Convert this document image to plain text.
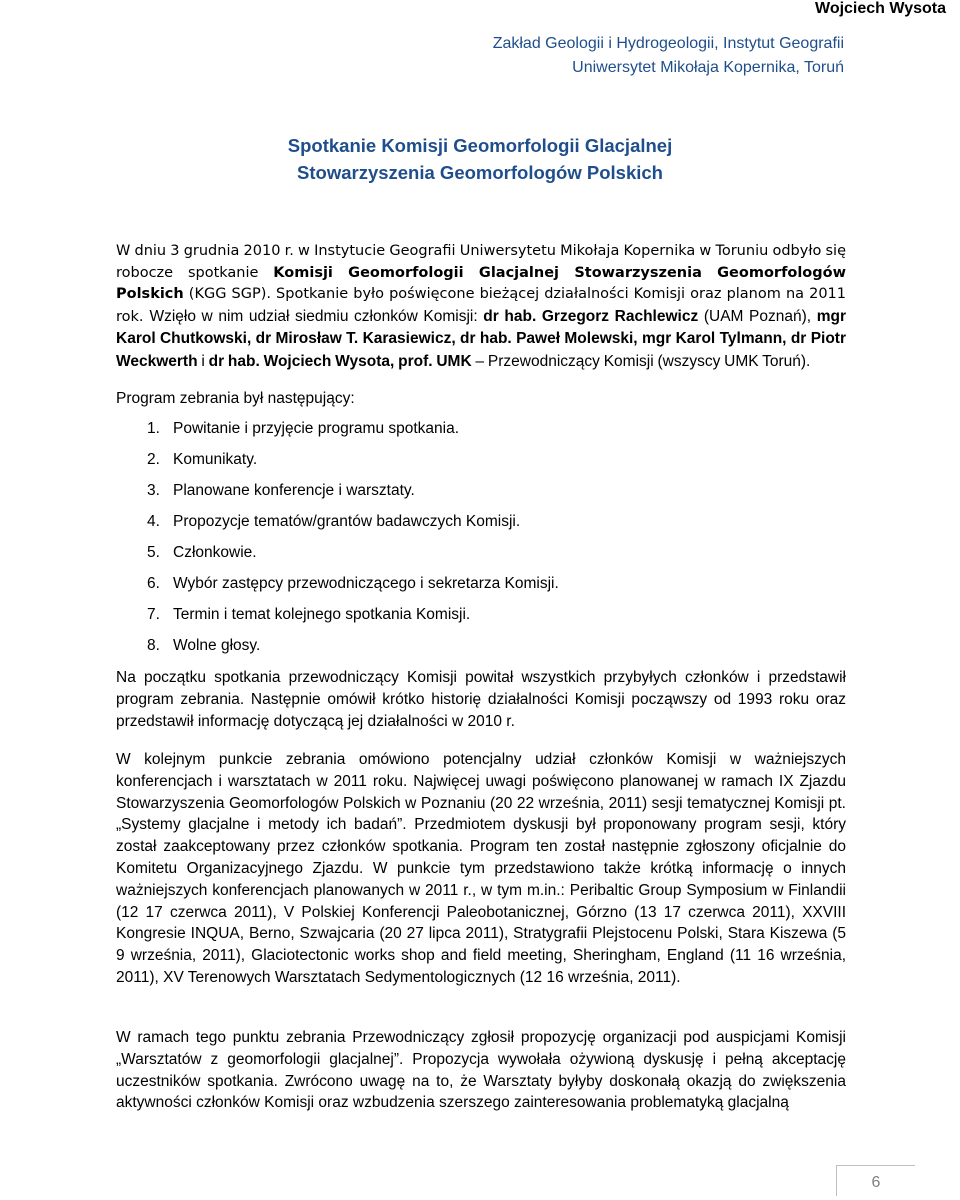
Wojciech Wysota
Zakład Geologii i Hydrogeologii, Instytut Geografii
Uniwersytet Mikołaja Kopernika, Toruń
Spotkanie Komisji Geomorfologii Glacjalnej
Stowarzyszenia Geomorfologów Polskich
W dniu 3 grudnia 2010 r. w Instytucie Geografii Uniwersytetu Mikołaja Kopernika w Toruniu odbyło się robocze spotkanie Komisji Geomorfologii Glacjalnej Stowarzyszenia Geomorfologów Polskich (KGG SGP). Spotkanie było poświęcone bieżącej działalności Komisji oraz planom na 2011 rok. Wzięło w nim udział siedmiu członków Komisji: dr hab. Grzegorz Rachlewicz (UAM Poznań), mgr Karol Chutkowski, dr Mirosław T. Karasiewicz, dr hab. Paweł Molewski, mgr Karol Tylmann, dr Piotr Weckwerth i dr hab. Wojciech Wysota, prof. UMK – Przewodniczący Komisji (wszyscy UMK Toruń).
Program zebrania był następujący:
1. Powitanie i przyjęcie programu spotkania.
2. Komunikaty.
3. Planowane konferencje i warsztaty.
4. Propozycje tematów/grantów badawczych Komisji.
5. Członkowie.
6. Wybór zastępcy przewodniczącego i sekretarza Komisji.
7. Termin i temat kolejnego spotkania Komisji.
8. Wolne głosy.
Na początku spotkania przewodniczący Komisji powitał wszystkich przybyłych członków i przedstawił program zebrania. Następnie omówił krótko historię działalności Komisji począwszy od 1993 roku oraz przedstawił informację dotyczącą jej działalności w 2010 r.
W kolejnym punkcie zebrania omówiono potencjalny udział członków Komisji w ważniejszych konferencjach i warsztatach w 2011 roku. Najwięcej uwagi poświęcono planowanej w ramach IX Zjazdu Stowarzyszenia Geomorfologów Polskich w Poznaniu (20 22 września, 2011) sesji tematycznej Komisji pt. „Systemy glacjalne i metody ich badań”. Przedmiotem dyskusji był proponowany program sesji, który został zaakceptowany przez członków spotkania. Program ten został następnie zgłoszony oficjalnie do Komitetu Organizacyjnego Zjazdu. W punkcie tym przedstawiono także krótką informację o innych ważniejszych konferencjach planowanych w 2011 r., w tym m.in.: Peribaltic Group Symposium w Finlandii (12 17 czerwca 2011), V Polskiej Konferencji Paleobotanicznej, Górzno (13 17 czerwca 2011), XXVIII Kongresie INQUA, Berno, Szwajcaria (20 27 lipca 2011), Stratygrafii Plejstocenu Polski, Stara Kiszewa (5 9 września, 2011), Glaciotectonic works shop and field meeting, Sheringham, England (11 16 września, 2011), XV Terenowych Warsztatach Sedymentologicznych (12 16 września, 2011).
W ramach tego punktu zebrania Przewodniczący zgłosił propozycję organizacji pod auspicjami Komisji „Warsztatów z geomorfologii glacjalnej”. Propozycja wywołała ożywioną dyskusję i pełną akceptację uczestników spotkania. Zwrócono uwagę na to, że Warsztaty byłyby doskonałą okazją do zwiększenia aktywności członków Komisji oraz wzbudzenia szerszego zainteresowania problematyką glacjalną
6
